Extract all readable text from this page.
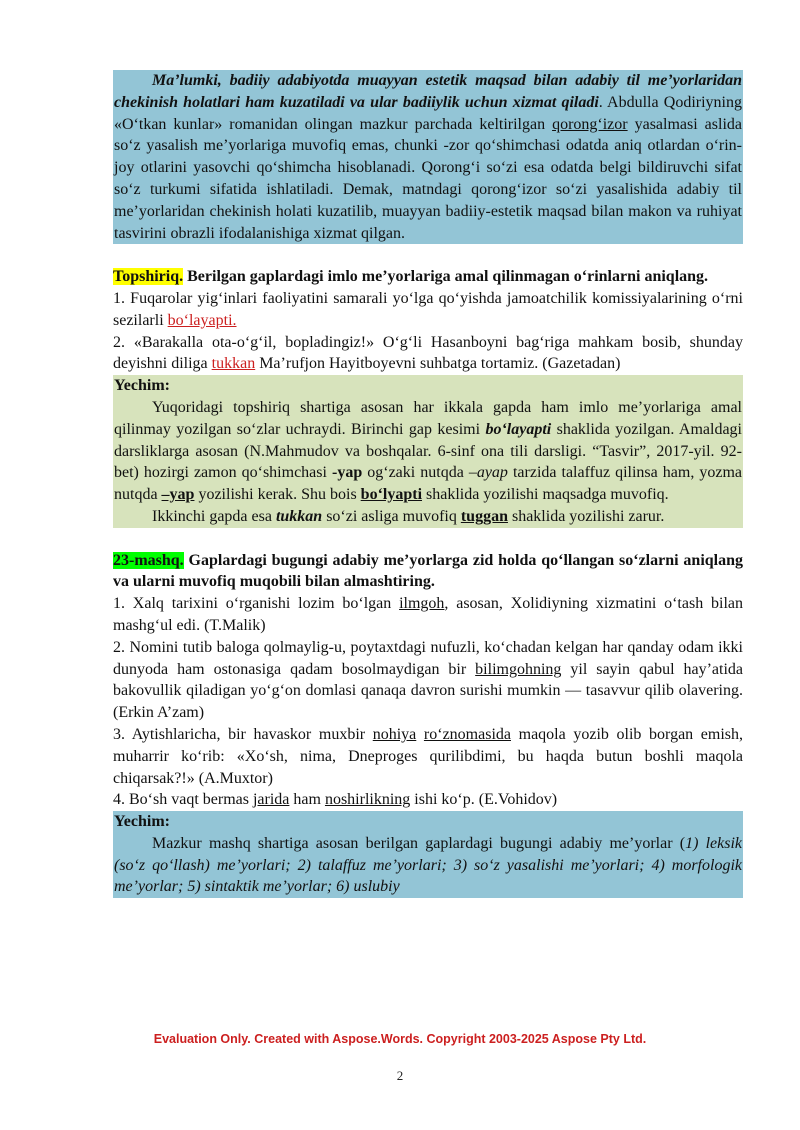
Ma’lumki, badiiy adabiyotda muayyan estetik maqsad bilan adabiy til me’yorlaridan chekinish holatlari ham kuzatiladi va ular badiiylik uchun xizmat qiladi. Abdulla Qodiriyning «O‘tkan kunlar» romanidan olingan mazkur parchada keltirilgan qorong‘izor yasalmasi aslida so‘z yasalish me’yorlariga muvofiq emas, chunki -zor qo‘shimchasi odatda aniq otlardan o‘rin-joy otlarini yasovchi qo‘shimcha hisoblanadi. Qorong‘i so‘zi esa odatda belgi bildiruvchi sifat so‘z turkumi sifatida ishlatiladi. Demak, matndagi qorong‘izor so‘zi yasalishida adabiy til me’yorlaridan chekinish holati kuzatilib, muayyan badiiy-estetik maqsad bilan makon va ruhiyat tasvirini obrazli ifodalanishiga xizmat qilgan.

Topshiriq. Berilgan gaplardagi imlo me’yorlariga amal qilinmagan o‘rinlarni aniqlang.

1. Fuqarolar yig‘inlari faoliyatini samarali yo‘lga qo‘yishda jamoatchilik komissiyalarining o‘rni sezilarli bo‘layapti.

2. «Barakalla ota-o‘g‘il, bopladingiz!» O‘g‘li Hasanboyni bag‘riga mahkam bosib, shunday deyishni diliga tukkan Ma’rufjon Hayitboyevni suhbatga tortamiz. (Gazetadan)

Yechim:

Yuqoridagi topshiriq shartiga asosan har ikkala gapda ham imlo me’yorlariga amal qilinmay yozilgan so‘zlar uchraydi. Birinchi gap kesimi bo‘layapti shaklida yozilgan. Amaldagi darsliklarga asosan (N.Mahmudov va boshqalar. 6-sinf ona tili darsligi. “Tasvir”, 2017-yil. 92-bet) hozirgi zamon qo‘shimchasi -yap og‘zaki nutqda –ayap tarzida talaffuz qilinsa ham, yozma nutqda –yap yozilishi kerak. Shu bois bo‘lyapti shaklida yozilishi maqsadga muvofiq.

Ikkinchi gapda esa tukkan so‘zi asliga muvofiq tuggan shaklida yozilishi zarur.

23-mashq. Gaplardagi bugungi adabiy me’yorlarga zid holda qo‘llangan so‘zlarni aniqlang va ularni muvofiq muqobili bilan almashtiring.

1. Xalq tarixini o‘rganishi lozim bo‘lgan ilmgoh, asosan, Xolidiyning xizmatini o‘tash bilan mashg‘ul edi. (T.Malik)

2. Nomini tutib baloga qolmaylig-u, poytaxtdagi nufuzli, ko‘chadan kelgan har qanday odam ikki dunyoda ham ostonasiga qadam bosolmaydigan bir bilimgohning yil sayin qabul hay’atida bakovullik qiladigan yo‘g‘on domlasi qanaqa davron surishi mumkin — tasavvur qilib olavering. (Erkin A’zam)

3. Aytishlaricha, bir havaskor muxbir nohiya ro‘znomasida maqola yozib olib borgan emish, muharrir ko‘rib: «Xo‘sh, nima, Dneproges qurilibdimi, bu haqda butun boshli maqola chiqarsak?!» (A.Muxtor)

4. Bo‘sh vaqt bermas jarida ham noshirlikning ishi ko‘p. (E.Vohidov)

Yechim:

Mazkur mashq shartiga asosan berilgan gaplardagi bugungi adabiy me’yorlar (1) leksik (so‘z qo‘llash) me’yorlari; 2) talaffuz me’yorlari; 3) so‘z yasalishi me’yorlari; 4) morfologik me’yorlar; 5) sintaktik me’yorlar; 6) uslubiy

Evaluation Only. Created with Aspose.Words. Copyright 2003-2025 Aspose Pty Ltd.
2
